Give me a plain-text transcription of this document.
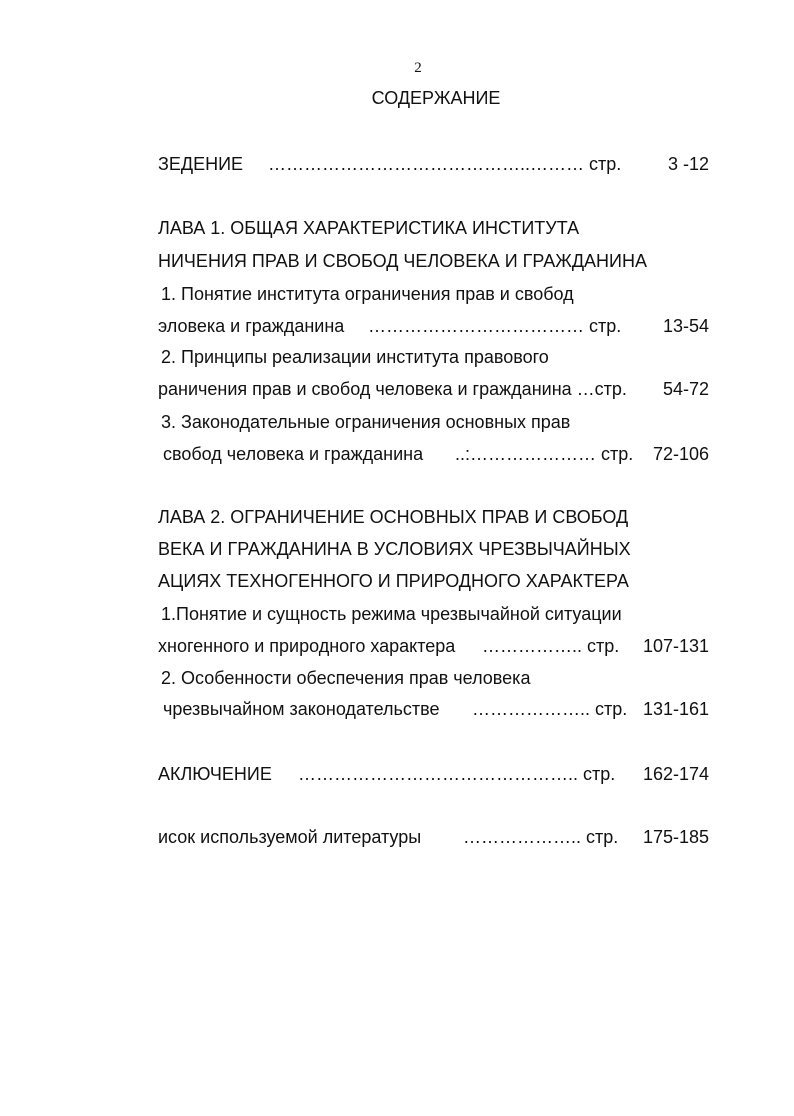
2
СОДЕРЖАНИЕ
ЗЕДЕНИЕ ……………………………………..……… стр.	3 -12
ЛАВА 1. ОБЩАЯ ХАРАКТЕРИСТИКА ИНСТИТУТА
НИЧЕНИЯ ПРАВ И СВОБОД ЧЕЛОВЕКА И ГРАЖДАНИНА
1. Понятие института ограничения прав и свобод
эловека и гражданина ……………………………… стр. 13-54
2. Принципы реализации института правового
раничения прав и свобод человека и гражданина …стр. 54-72
3. Законодательные ограничения основных прав
свобод человека и гражданина ..:………………… стр. 72-106
ЛАВА 2. ОГРАНИЧЕНИЕ ОСНОВНЫХ ПРАВ И СВОБОД
ВЕКА И ГРАЖДАНИНА В УСЛОВИЯХ ЧРЕЗВЫЧАЙНЫХ
АЦИЯХ ТЕХНОГЕННОГО И ПРИРОДНОГО ХАРАКТЕРА
1.Понятие и сущность режима чрезвычайной ситуации
хногенного и природного характера …………….. стр. 107-131
2. Особенности обеспечения прав человека
чрезвычайном законодательстве ……………….. стр. 131-161
АКЛЮЧЕНИЕ ……………………………………….. стр. 162-174
исок используемой литературы ……………….. стр. 175-185
